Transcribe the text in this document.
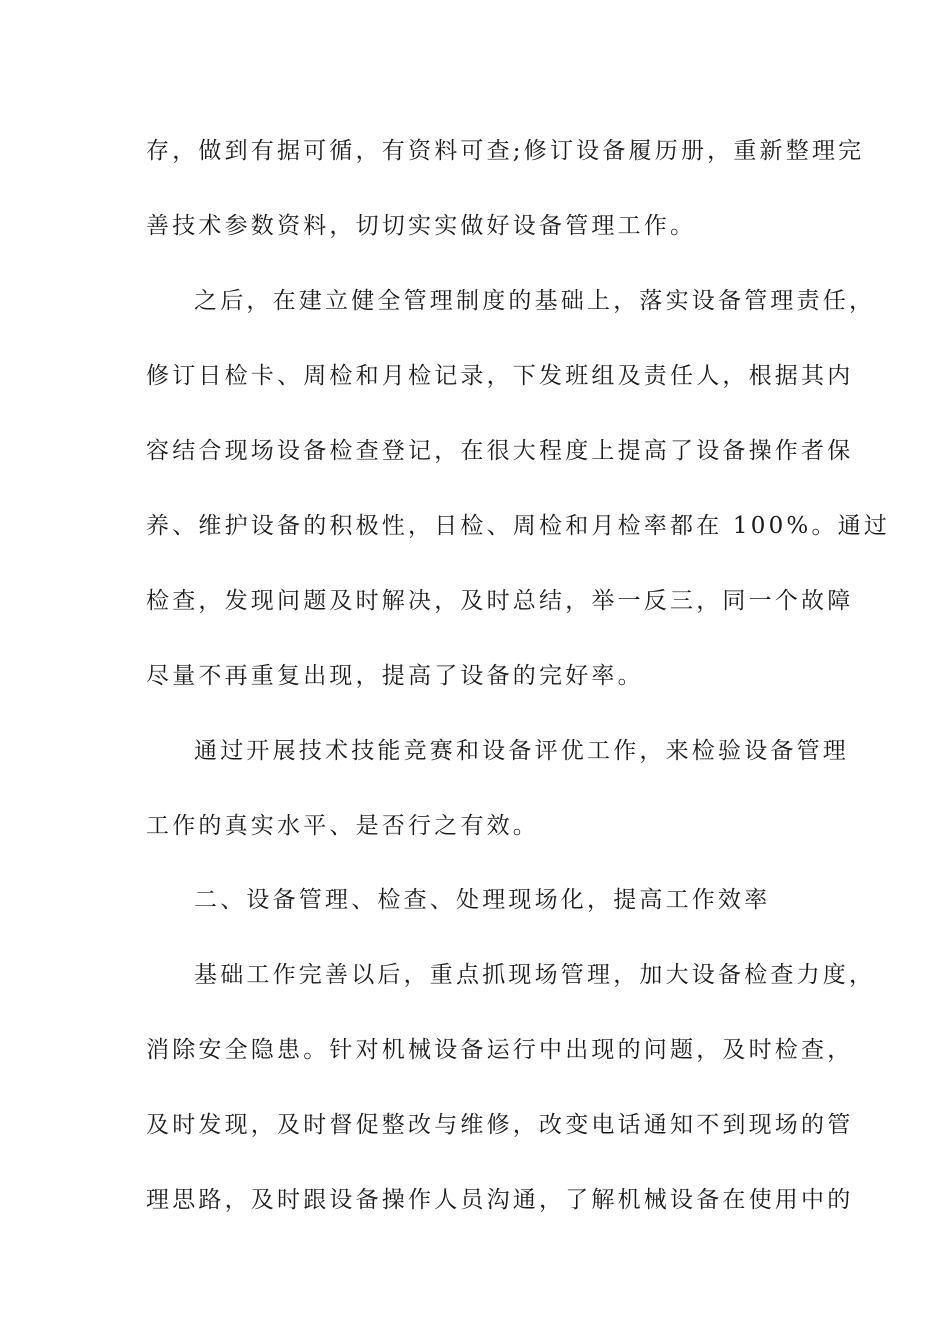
存，做到有据可循，有资料可查;修订设备履历册，重新整理完
善技术参数资料，切切实实做好设备管理工作。
之后，在建立健全管理制度的基础上，落实设备管理责任，
修订日检卡、周检和月检记录，下发班组及责任人，根据其内
容结合现场设备检查登记，在很大程度上提高了设备操作者保
养、维护设备的积极性，日检、周检和月检率都在 100%。通过
检查，发现问题及时解决，及时总结，举一反三，同一个故障
尽量不再重复出现，提高了设备的完好率。
通过开展技术技能竞赛和设备评优工作，来检验设备管理
工作的真实水平、是否行之有效。
二、设备管理、检查、处理现场化，提高工作效率
基础工作完善以后，重点抓现场管理，加大设备检查力度，
消除安全隐患。针对机械设备运行中出现的问题，及时检查，
及时发现，及时督促整改与维修，改变电话通知不到现场的管
理思路，及时跟设备操作人员沟通，了解机械设备在使用中的
